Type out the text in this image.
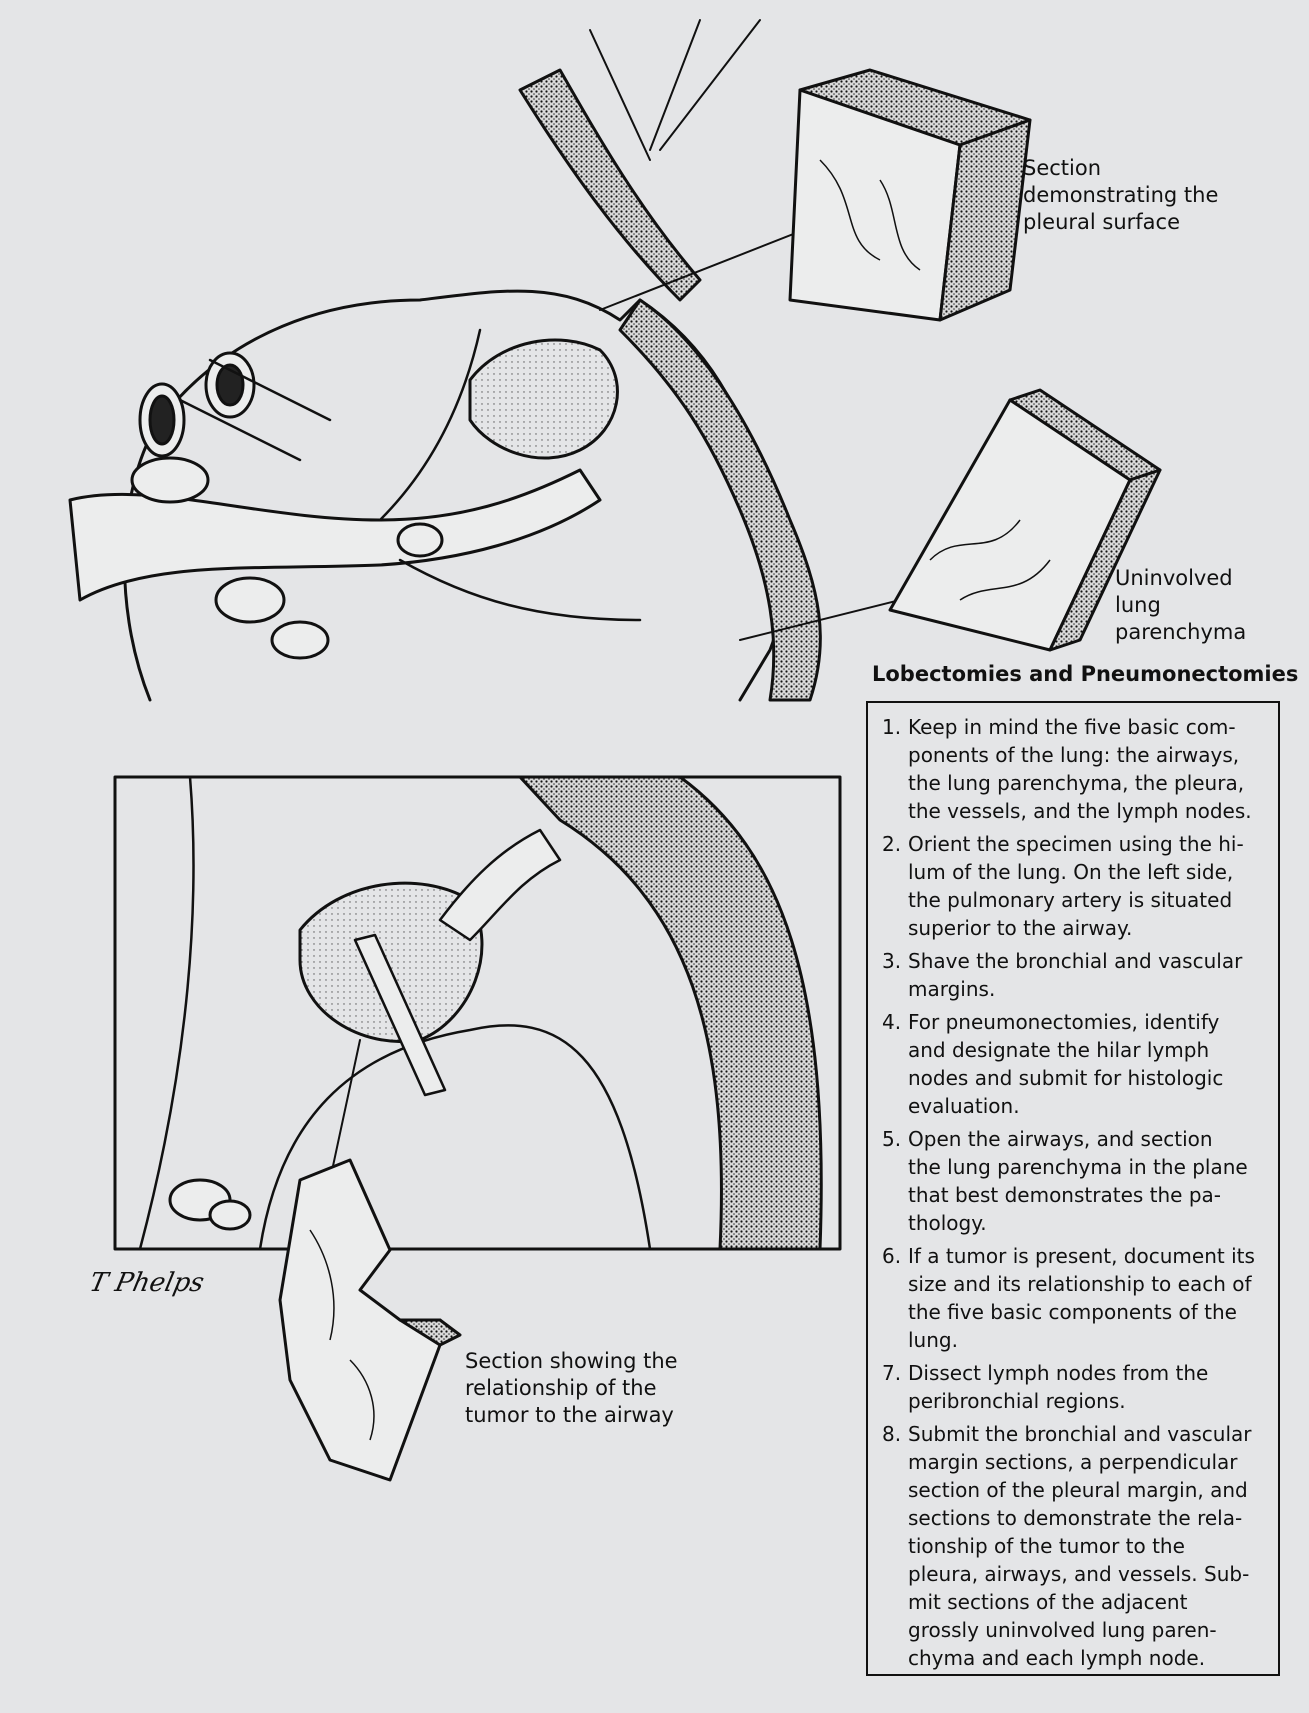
Section
demonstrating the
pleural surface

Uninvolved
lung
parenchyma

Section showing the
relationship of the
tumor to the airway

T Phelps
Lobectomies and Pneumonectomies
1. Keep in mind the five basic com-
ponents of the lung: the airways,
the lung parenchyma, the pleura,
the vessels, and the lymph nodes.
2. Orient the specimen using the hi-
lum of the lung. On the left side,
the pulmonary artery is situated
superior to the airway.
3. Shave the bronchial and vascular
margins.
4. For pneumonectomies, identify
and designate the hilar lymph
nodes and submit for histologic
evaluation.
5. Open the airways, and section
the lung parenchyma in the plane
that best demonstrates the pa-
thology.
6. If a tumor is present, document its
size and its relationship to each of
the five basic components of the
lung.
7. Dissect lymph nodes from the
peribronchial regions.
8. Submit the bronchial and vascular
margin sections, a perpendicular
section of the pleural margin, and
sections to demonstrate the rela-
tionship of the tumor to the
pleura, airways, and vessels. Sub-
mit sections of the adjacent
grossly uninvolved lung paren-
chyma and each lymph node.
